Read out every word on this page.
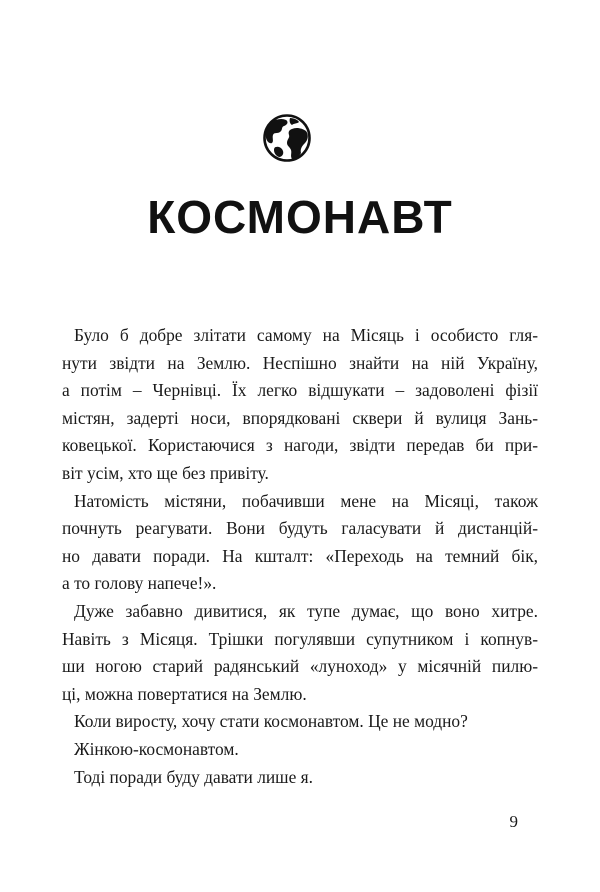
КОСМОНАВТ
Було б добре злітати самому на Місяць і особисто гля-
нути звідти на Землю. Неспішно знайти на ній Україну,
а потім – Чернівці. Їх легко відшукати – задоволені фізії
містян, задерті носи, впорядковані сквери й вулиця Зань-
ковецької. Користаючися з нагоди, звідти передав би при-
віт усім, хто ще без привіту.
Натомість містяни, побачивши мене на Місяці, також
почнуть реагувати. Вони будуть галасувати й дистанцій-
но давати поради. На кшталт: «Переходь на темний бік,
а то голову напече!».
Дуже забавно дивитися, як тупе думає, що воно хитре.
Навіть з Місяця. Трішки погулявши супутником і копнув-
ши ногою старий радянський «луноход» у місячній пилю-
ці, можна повертатися на Землю.
Коли виросту, хочу стати космонавтом. Це не модно?
Жінкою-космонавтом.
Тоді поради буду давати лише я.
9
